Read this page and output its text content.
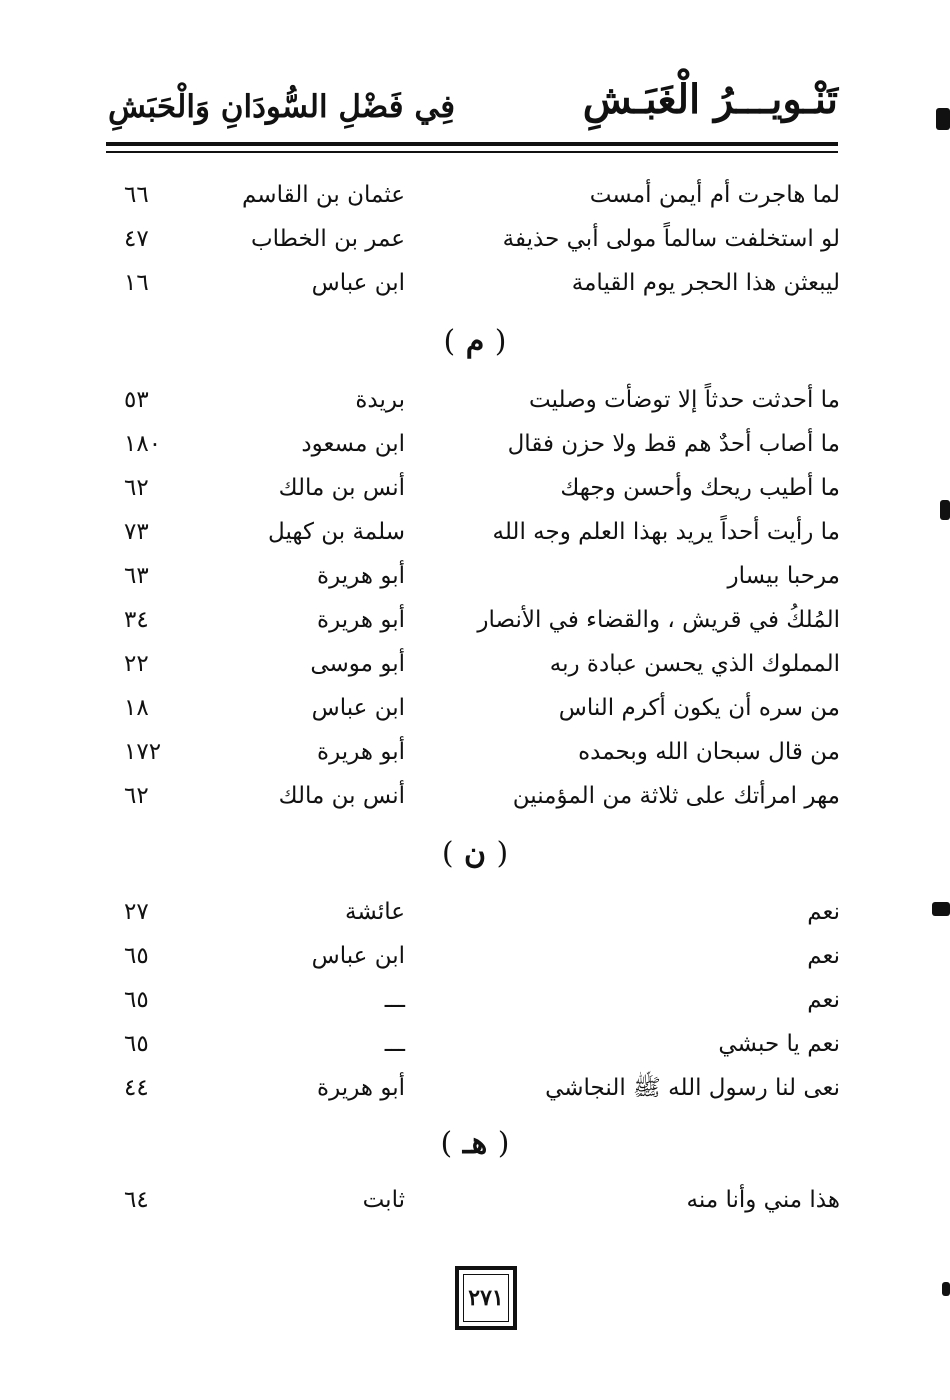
تَنْـويـــرُ الْغَبَـشِ
فِي فَضْلِ السُّودَانِ وَالْحَبَشِ
لما هاجرت أم أيمن أمست
عثمان بن القاسم
٦٦
لو استخلفت سالماً مولى أبي حذيفة
عمر بن الخطاب
٤٧
ليبعثن هذا الحجر يوم القيامة
ابن عباس
١٦
( م )
ما أحدثت حدثاً إلا توضأت وصليت
بريدة
٥٣
ما أصاب أحدٌ هم قط ولا حزن فقال
ابن مسعود
١٨٠
ما أطيب ريحك وأحسن وجهك
أنس بن مالك
٦٢
ما رأيت أحداً يريد بهذا العلم وجه الله
سلمة بن كهيل
٧٣
مرحبا بيسار
أبو هريرة
٦٣
المُلكُ في قريش ، والقضاء في الأنصار
أبو هريرة
٣٤
المملوك الذي يحسن عبادة ربه
أبو موسى
٢٢
من سره أن يكون أكرم الناس
ابن عباس
١٨
من قال سبحان الله وبحمده
أبو هريرة
١٧٢
مهر امرأتك على ثلاثة من المؤمنين
أنس بن مالك
٦٢
( ن )
نعم
عائشة
٢٧
نعم
ابن عباس
٦٥
نعم
ـــ
٦٥
نعم يا حبشي
ـــ
٦٥
نعى لنا رسول الله ﷺ النجاشي
أبو هريرة
٤٤
( هـ )
هذا مني وأنا منه
ثابت
٦٤
٢٧١
